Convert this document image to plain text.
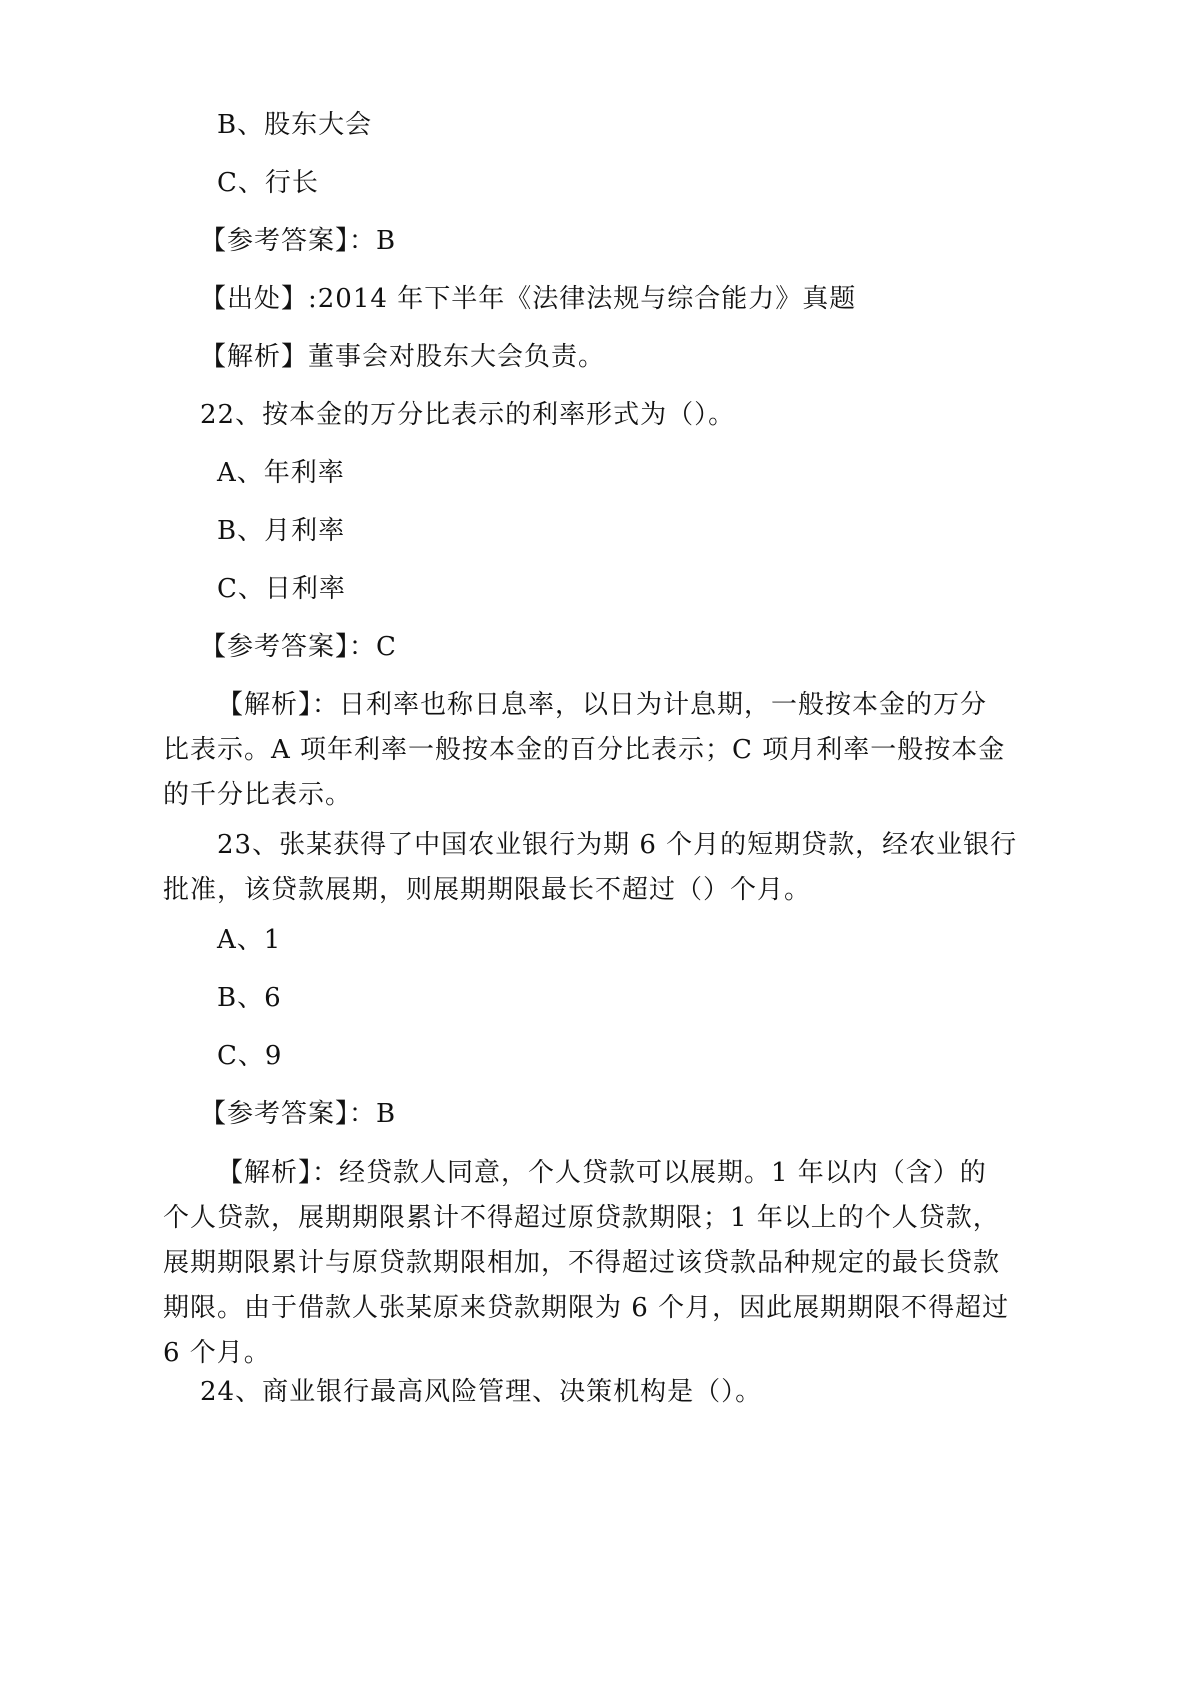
B、股东大会
C、行长
【参考答案】：B
【出处】:2014 年下半年《法律法规与综合能力》真题
【解析】董事会对股东大会负责。
22、按本金的万分比表示的利率形式为（）。
A、年利率
B、月利率
C、日利率
【参考答案】：C
【解析】：日利率也称日息率，以日为计息期，一般按本金的万分
比表示。A 项年利率一般按本金的百分比表示；C 项月利率一般按本金
的千分比表示。
23、张某获得了中国农业银行为期 6 个月的短期贷款，经农业银行
批准，该贷款展期，则展期期限最长不超过（）个月。
A、1
B、6
C、9
【参考答案】：B
【解析】：经贷款人同意，个人贷款可以展期。1 年以内（含）的
个人贷款，展期期限累计不得超过原贷款期限；1 年以上的个人贷款，
展期期限累计与原贷款期限相加，不得超过该贷款品种规定的最长贷款
期限。由于借款人张某原来贷款期限为 6 个月，因此展期期限不得超过
6 个月。
24、商业银行最高风险管理、决策机构是（）。
